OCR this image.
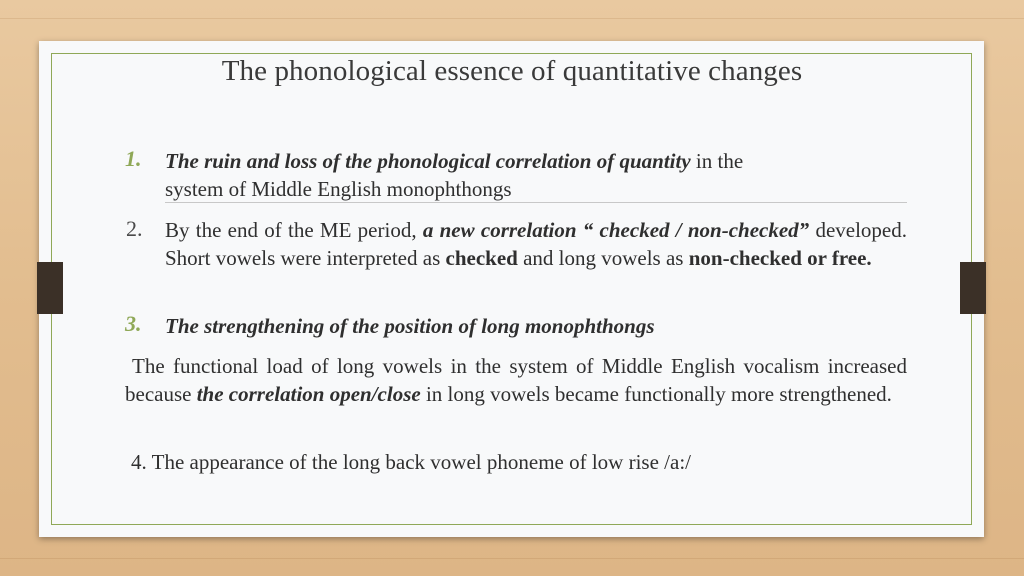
The phonological essence of quantitative changes
1. The ruin and loss of the phonological correlation of quantity in the
system of Middle English monophthongs
2. By the end of the ME period, a new correlation “ checked / non-checked” developed. Short vowels were interpreted as checked and long vowels as non-checked or free.
3. The strengthening of the position of long monophthongs
The functional load of long vowels in the system of Middle English vocalism increased because the correlation open/close in long vowels became functionally more strengthened.
4. The appearance of the long back vowel phoneme of low rise /a:/
